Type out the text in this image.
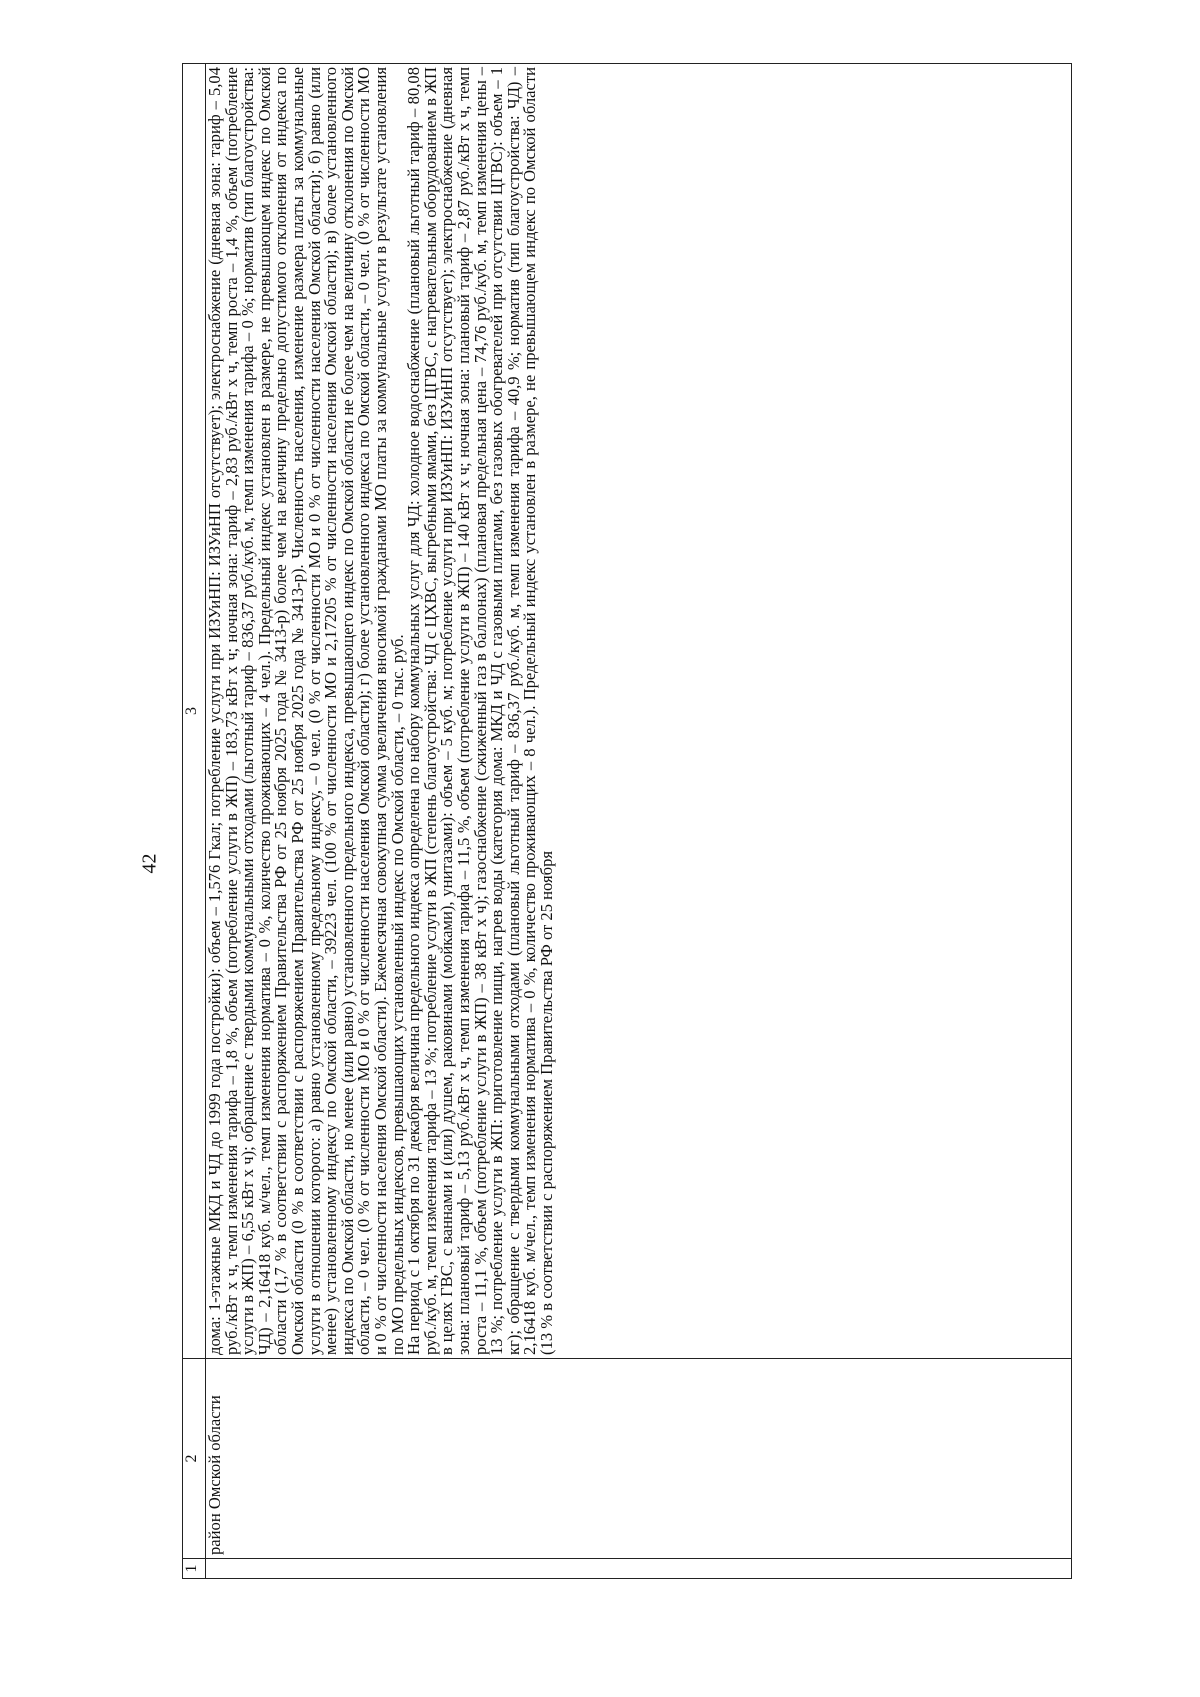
42
1	2	3
	район Омской области	дома: 1-этажные МКД и ЧД до 1999 года постройки): объем – 1,576 Гкал; потребление услуги при ИЗУиНП: ИЗУиНП отсутствует); электроснабжение (дневная зона: тариф – 5,04 руб./кВт х ч, темп изменения тарифа – 1,8 %, объем (потребление услуги в ЖП) – 183,73 кВт х ч; ночная зона: тариф – 2,83 руб./кВт х ч, темп роста – 1,4 %, объем (потребление услуги в ЖП) – 6,55 кВт х ч); обращение с твердыми коммунальными отходами (льготный тариф – 836,37 руб./куб. м, темп изменения тарифа – 0 %; норматив (тип благоустройства: ЧД) – 2,16418 куб. м/чел., темп изменения норматива – 0 %, количество проживающих – 4 чел.). Предельный индекс установлен в размере, не превышающем индекс по Омской области (1,7 % в соответствии с распоряжением Правительства РФ от 25 ноября 2025 года № 3413-р) более чем на величину предельно допустимого отклонения от индекса по Омской области (0 % в соответствии с распоряжением Правительства РФ от 25 ноября 2025 года № 3413-р). Численность населения, изменение размера платы за коммунальные услуги в отношении которого: а) равно установленному предельному индексу, – 0 чел. (0 % от численности МО и 0 % от численности населения Омской области); б) равно (или менее) установленному индексу по Омской области, – 39223 чел. (100 % от численности МО и 2,17205 % от численности населения Омской области); в) более установленного индекса по Омской области, но менее (или равно) установленного предельного индекса, превышающего индекс по Омской области не более чем на величину отклонения по Омской области, – 0 чел. (0 % от численности МО и 0 % от численности населения Омской области); г) более установленного индекса по Омской области, – 0 чел. (0 % от численности МО и 0 % от численности населения Омской области). Ежемесячная совокупная сумма увеличения вносимой гражданами МО платы за коммунальные услуги в результате установления по МО предельных индексов, превышающих установленный индекс по Омской области, – 0 тыс. руб.

На период с 1 октября по 31 декабря величина предельного индекса определена по набору коммунальных услуг для ЧД: холодное водоснабжение (плановый льготный тариф – 80,08 руб./куб. м, темп изменения тарифа – 13 %; потребление услуги в ЖП (степень благоустройства: ЧД с ЦХВС, выгребными ямами, без ЦГВС, с нагревательным оборудованием в ЖП в целях ГВС, с ваннами и (или) душем, раковинами (мойками), унитазами): объем – 5 куб. м; потребление услуги при ИЗУиНП: ИЗУиНП отсутствует); электроснабжение (дневная зона: плановый тариф – 5,13 руб./кВт х ч, темп изменения тарифа – 11,5 %, объем (потребление услуги в ЖП) – 140 кВт х ч; ночная зона: плановый тариф – 2,87 руб./кВт х ч, темп роста – 11,1 %, объем (потребление услуги в ЖП) – 38 кВт х ч); газоснабжение (сжиженный газ в баллонах) (плановая предельная цена – 74,76 руб./куб. м, темп изменения цены – 13 %; потребление услуги в ЖП: приготовление пищи, нагрев воды (категория дома: МКД и ЧД с газовыми плитами, без газовых обогревателей при отсутствии ЦГВС): объем – 1 кг); обращение с твердыми коммунальными отходами (плановый льготный тариф – 836,37 руб./куб. м, темп изменения тарифа – 40,9 %; норматив (тип благоустройства: ЧД) – 2,16418 куб. м/чел., темп изменения норматива – 0 %, количество проживающих – 8 чел.). Предельный индекс установлен в размере, не превышающем индекс по Омской области (13 % в соответствии с распоряжением Правительства РФ от 25 ноября
